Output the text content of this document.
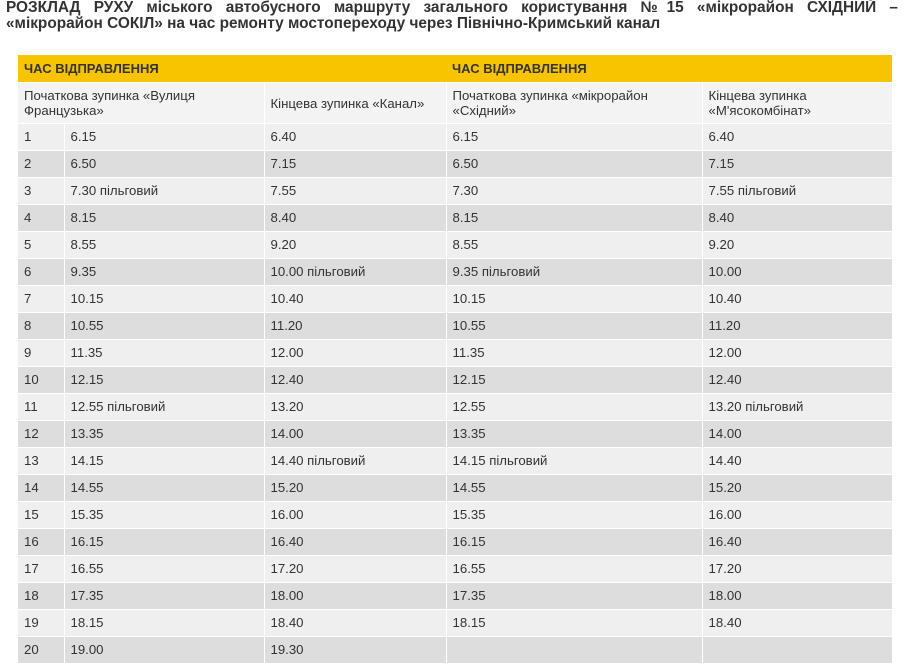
РОЗКЛАД РУХУ міського автобусного маршруту загального користування №15 «мікрорайон СХІДНИЙ – «мікрорайон СОКІЛ» на час ремонту мостопереходу через Північно-Кримський канал

ЧАС ВІДПРАВЛЕННЯ			ЧАС ВІДПРАВЛЕННЯ	
Початкова зупинка «Вулиця Французька»		Кінцева зупинка «Канал»	Початкова зупинка «мікрорайон «Східний»	Кінцева зупинка «М'ясокомбінат»
1	6.15	6.40	6.15	6.40
2	6.50	7.15	6.50	7.15
3	7.30 пільговий	7.55	7.30	7.55 пільговий
4	8.15	8.40	8.15	8.40
5	8.55	9.20	8.55	9.20
6	9.35	10.00 пільговий	9.35 пільговий	10.00
7	10.15	10.40	10.15	10.40
8	10.55	11.20	10.55	11.20
9	11.35	12.00	11.35	12.00
10	12.15	12.40	12.15	12.40
11	12.55 пільговий	13.20	12.55	13.20 пільговий
12	13.35	14.00	13.35	14.00
13	14.15	14.40 пільговий	14.15 пільговий	14.40
14	14.55	15.20	14.55	15.20
15	15.35	16.00	15.35	16.00
16	16.15	16.40	16.15	16.40
17	16.55	17.20	16.55	17.20
18	17.35	18.00	17.35	18.00
19	18.15	18.40	18.15	18.40
20	19.00	19.30		
